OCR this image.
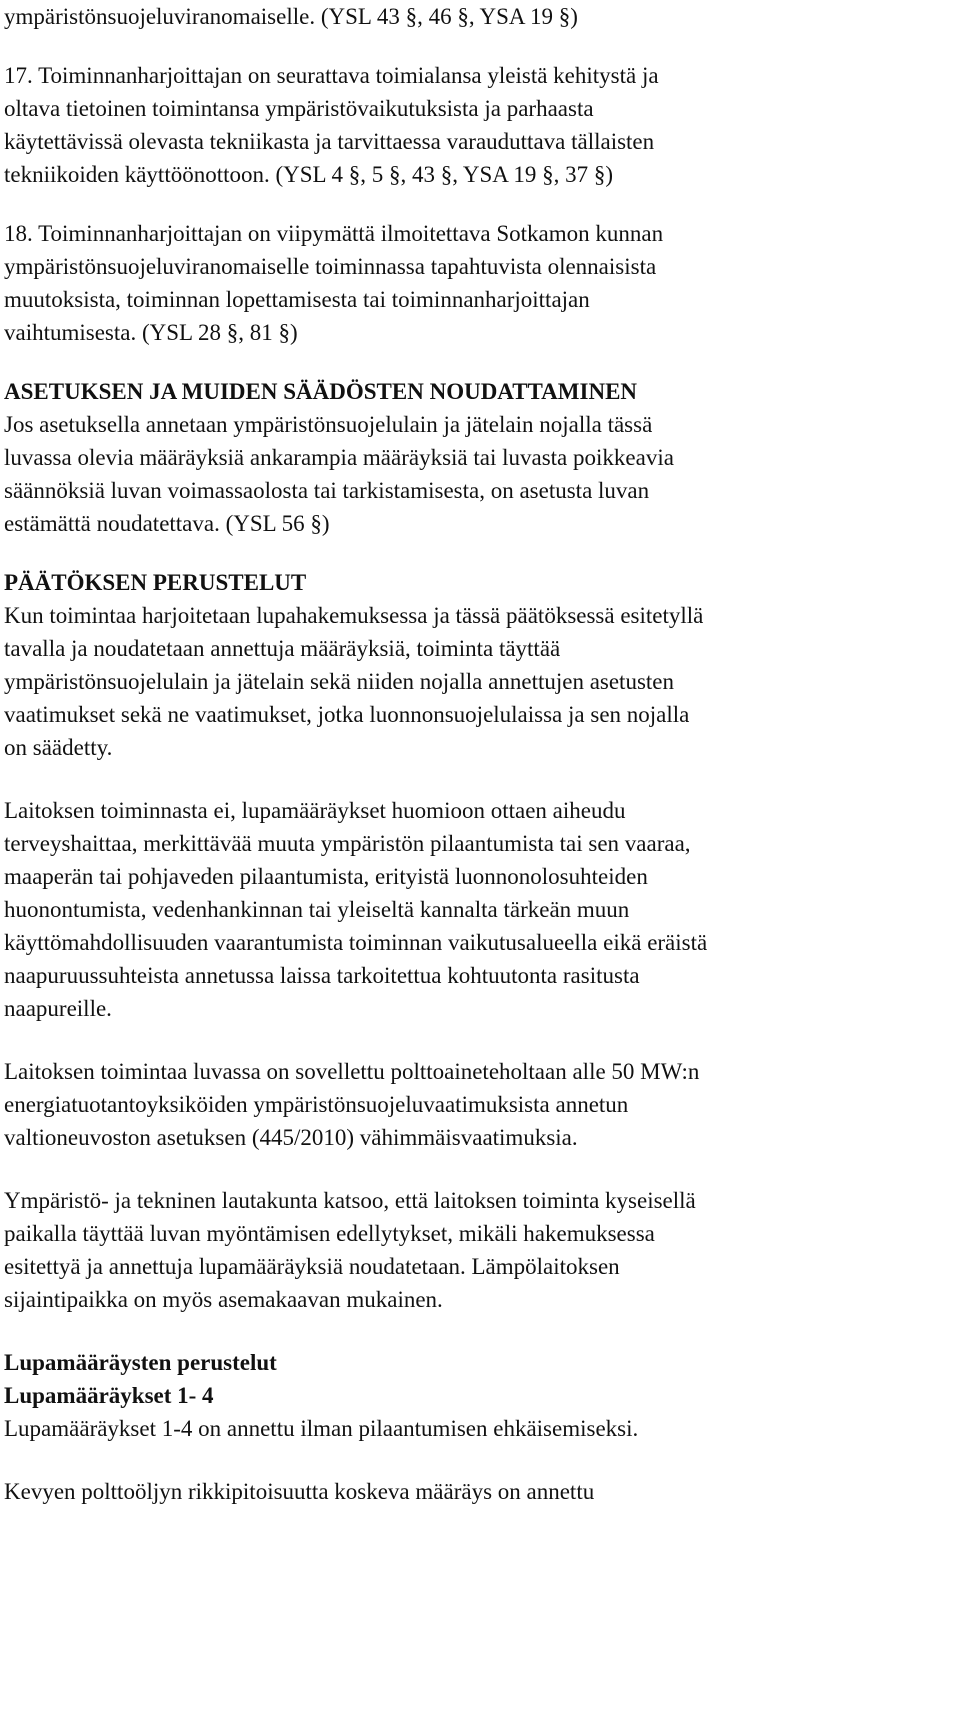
ympäristönsuojeluviranomaiselle. (YSL 43 §, 46 §, YSA 19 §)

17. Toiminnanharjoittajan on seurattava toimialansa yleistä kehitystä ja
oltava tietoinen toimintansa ympäristövaikutuksista ja parhaasta
käytettävissä olevasta tekniikasta ja tarvittaessa varauduttava tällaisten
tekniikoiden käyttöönottoon. (YSL 4 §, 5 §, 43 §, YSA 19 §, 37 §)

18. Toiminnanharjoittajan on viipymättä ilmoitettava Sotkamon kunnan
ympäristönsuojeluviranomaiselle toiminnassa tapahtuvista olennaisista
muutoksista, toiminnan lopettamisesta tai toiminnanharjoittajan
vaihtumisesta. (YSL 28 §, 81 §)

ASETUKSEN JA MUIDEN SÄÄDÖSTEN NOUDATTAMINEN

Jos asetuksella annetaan ympäristönsuojelulain ja jätelain nojalla tässä
luvassa olevia määräyksiä ankarampia määräyksiä tai luvasta poikkeavia
säännöksiä luvan voimassaolosta tai tarkistamisesta, on asetusta luvan
estämättä noudatettava. (YSL 56 §)

PÄÄTÖKSEN PERUSTELUT

Kun toimintaa harjoitetaan lupahakemuksessa ja tässä päätöksessä esitetyllä
tavalla ja noudatetaan annettuja määräyksiä, toiminta täyttää
ympäristönsuojelulain ja jätelain sekä niiden nojalla annettujen asetusten
vaatimukset sekä ne vaatimukset, jotka luonnonsuojelulaissa ja sen nojalla
on säädetty.

Laitoksen toiminnasta ei, lupamääräykset huomioon ottaen aiheudu
terveyshaittaa, merkittävää muuta ympäristön pilaantumista tai sen vaaraa,
maaperän tai pohjaveden pilaantumista, erityistä luonnonolosuhteiden
huonontumista, vedenhankinnan tai yleiseltä kannalta tärkeän muun
käyttömahdollisuuden vaarantumista toiminnan vaikutusalueella eikä eräistä
naapuruussuhteista annetussa laissa tarkoitettua kohtuutonta rasitusta
naapureille.

Laitoksen toimintaa luvassa on sovellettu polttoaineteholtaan alle 50 MW:n
energiatuotantoyksiköiden ympäristönsuojeluvaatimuksista annetun
valtioneuvoston asetuksen (445/2010) vähimmäisvaatimuksia.

Ympäristö- ja tekninen lautakunta katsoo, että laitoksen toiminta kyseisellä
paikalla täyttää luvan myöntämisen edellytykset, mikäli hakemuksessa
esitettyä ja annettuja lupamääräyksiä noudatetaan. Lämpölaitoksen
sijaintipaikka on myös asemakaavan mukainen.

Lupamääräysten perustelut
Lupamääräykset 1- 4

Lupamääräykset 1-4 on annettu ilman pilaantumisen ehkäisemiseksi.

Kevyen polttoöljyn rikkipitoisuutta koskeva määräys on annettu
